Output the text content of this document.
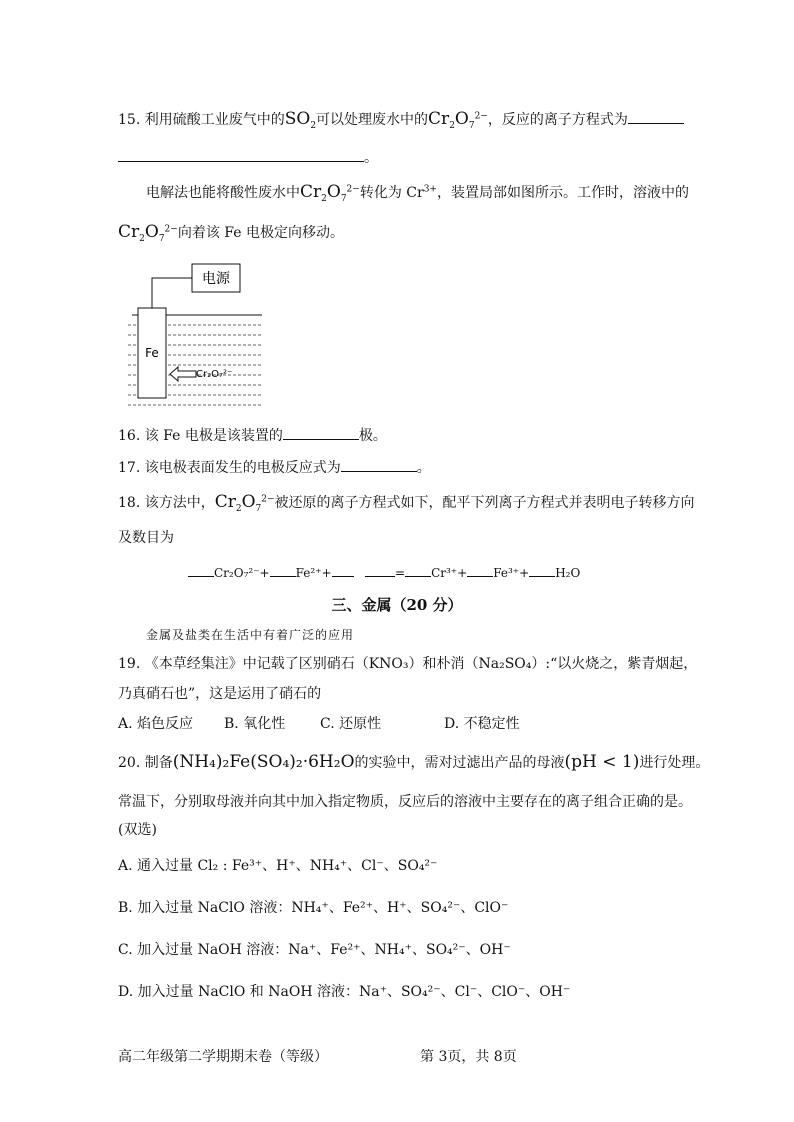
15. 利用硫酸工业废气中的$SO_2$可以处理废水中的$Cr_2O_7^{2-}$，反应的离子方程式为
。
电解法也能将酸性废水中$Cr_2O_7^{2-}$转化为 $Cr^{3+}$，装置局部如图所示。工作时，溶液中的
$Cr_2O_7^{2-}$向着该 Fe 电极定向移动。
电源
Fe
Cr₂O₇²⁻
16. 该 Fe 电极是该装置的	极。
17. 该电极表面发生的电极反应式为	。
18. 该方法中，$Cr_2O_7^{2-}$被还原的离子方程式如下，配平下列离子方程式并表明电子转移方向
及数目为
Cr₂O₇²⁻+ Fe²⁺+	= Cr³⁺+ Fe³⁺+ H₂O
三、金属（20 分）
金属及盐类在生活中有着广泛的应用
19. 《本草经集注》中记载了区别硝石（KNO₃）和朴消（Na₂SO₄）:“以火烧之，紫青烟起，
乃真硝石也”，这是运用了硝石的
A. 焰色反应 B. 氧化性 C. 还原性	D. 不稳定性
20. 制备(NH₄)₂Fe(SO₄)₂·6H₂O的实验中，需对过滤出产品的母液(pH < 1)进行处理。
常温下，分别取母液并向其中加入指定物质，反应后的溶液中主要存在的离子组合正确的是。
(双选)
A. 通入过量 Cl₂ : Fe³⁺、H⁺、NH₄⁺、Cl⁻、SO₄²⁻
B. 加入过量 NaClO 溶液：NH₄⁺、Fe²⁺、H⁺、SO₄²⁻、ClO⁻
C. 加入过量 NaOH 溶液：Na⁺、Fe²⁺、NH₄⁺、SO₄²⁻、OH⁻
D. 加入过量 NaClO 和 NaOH 溶液：Na⁺、SO₄²⁻、Cl⁻、ClO⁻、OH⁻
高二年级第二学期期末卷（等级）	第 3页，共 8页
